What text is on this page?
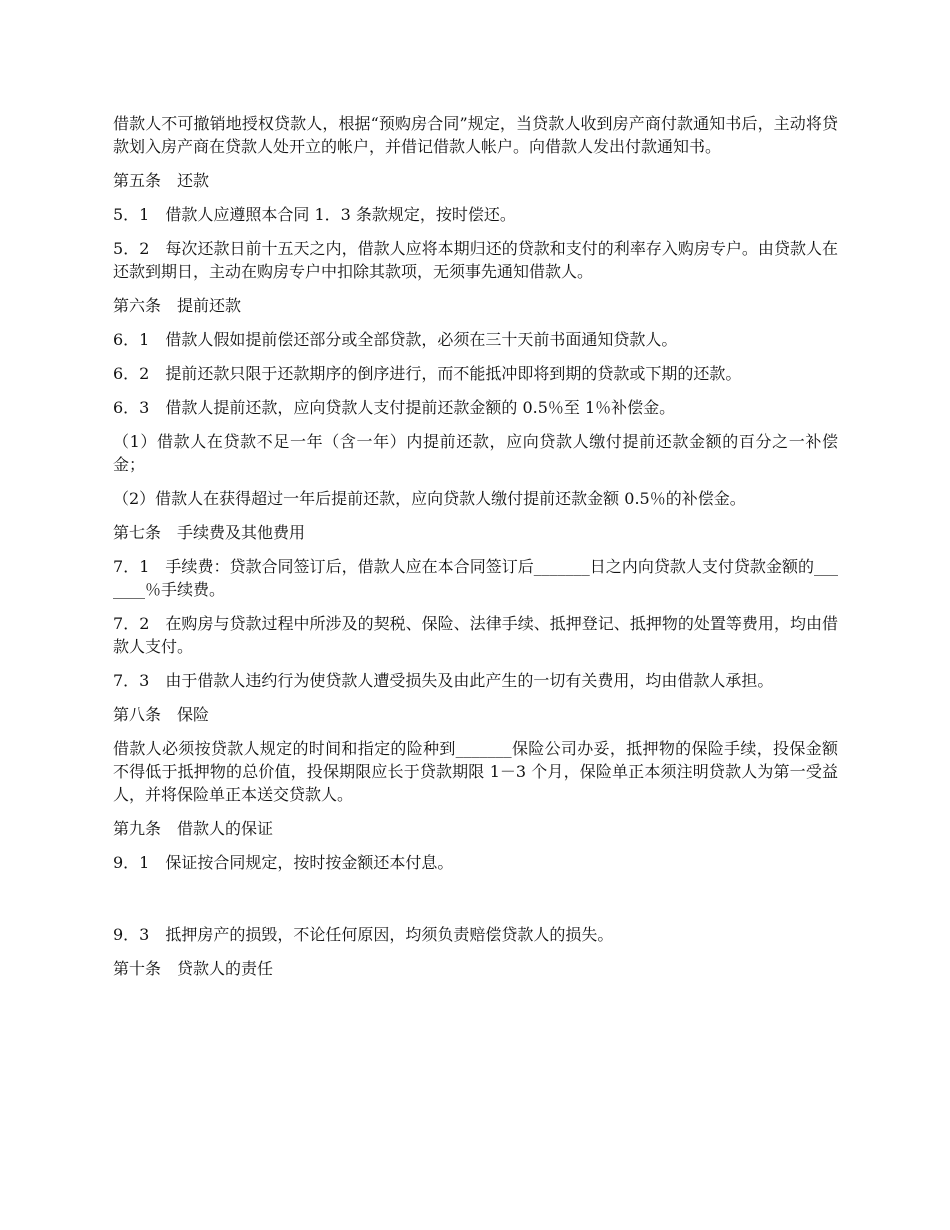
借款人不可撤销地授权贷款人，根据“预购房合同”规定，当贷款人收到房产商付款通知书后，主动将贷款划入房产商在贷款人处开立的帐户，并借记借款人帐户。向借款人发出付款通知书。

第五条　还款

5．1　借款人应遵照本合同 1．3 条款规定，按时偿还。

5．2　每次还款日前十五天之内，借款人应将本期归还的贷款和支付的利率存入购房专户。由贷款人在还款到期日，主动在购房专户中扣除其款项，无须事先通知借款人。

第六条　提前还款

6．1　借款人假如提前偿还部分或全部贷款，必须在三十天前书面通知贷款人。

6．2　提前还款只限于还款期序的倒序进行，而不能抵冲即将到期的贷款或下期的还款。

6．3　借款人提前还款，应向贷款人支付提前还款金额的 0.5％至 1％补偿金。

（1）借款人在贷款不足一年（含一年）内提前还款，应向贷款人缴付提前还款金额的百分之一补偿金；

（2）借款人在获得超过一年后提前还款，应向贷款人缴付提前还款金额 0.5％的补偿金。

第七条　手续费及其他费用

7．1　手续费：贷款合同签订后，借款人应在本合同签订后_______日之内向贷款人支付贷款金额的_______％手续费。

7．2　在购房与贷款过程中所涉及的契税、保险、法律手续、抵押登记、抵押物的处置等费用，均由借款人支付。

7．3　由于借款人违约行为使贷款人遭受损失及由此产生的一切有关费用，均由借款人承担。

第八条　保险

借款人必须按贷款人规定的时间和指定的险种到_______保险公司办妥，抵押物的保险手续，投保金额不得低于抵押物的总价值，投保期限应长于贷款期限 1－3 个月，保险单正本须注明贷款人为第一受益人，并将保险单正本送交贷款人。

第九条　借款人的保证

9．1　保证按合同规定，按时按金额还本付息。

9．3　抵押房产的损毁，不论任何原因，均须负责赔偿贷款人的损失。

第十条　贷款人的责任
